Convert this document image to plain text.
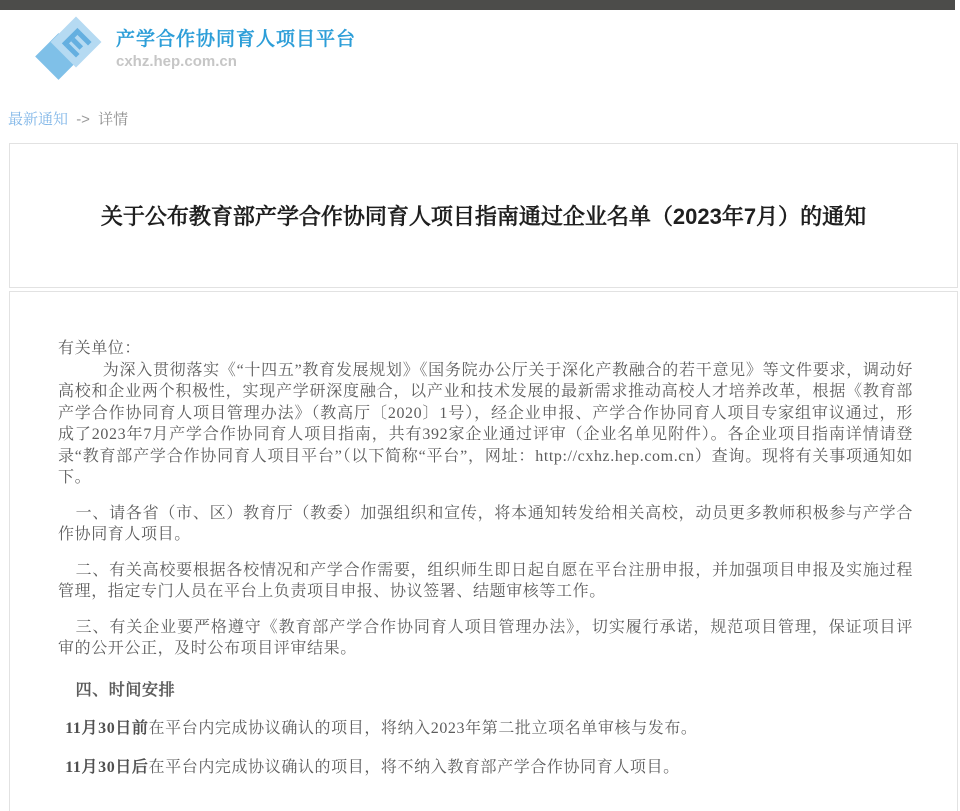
产学合作协同育人项目平台
cxhz.hep.com.cn
最新通知 -> 详情
关于公布教育部产学合作协同育人项目指南通过企业名单（2023年7月）的通知

有关单位：

为深入贯彻落实《“十四五”教育发展规划》《国务院办公厅关于深化产教融合的若干意见》等文件要求，调动好高校和企业两个积极性，实现产学研深度融合，以产业和技术发展的最新需求推动高校人才培养改革，根据《教育部产学合作协同育人项目管理办法》（教高厅〔2020〕1号），经企业申报、产学合作协同育人项目专家组审议通过，形成了2023年7月产学合作协同育人项目指南，共有392家企业通过评审（企业名单见附件）。各企业项目指南详情请登录“教育部产学合作协同育人项目平台”（以下简称“平台”，网址：http://cxhz.hep.com.cn）查询。现将有关事项通知如下。

一、请各省（市、区）教育厅（教委）加强组织和宣传，将本通知转发给相关高校，动员更多教师积极参与产学合作协同育人项目。

二、有关高校要根据各校情况和产学合作需要，组织师生即日起自愿在平台注册申报，并加强项目申报及实施过程管理，指定专门人员在平台上负责项目申报、协议签署、结题审核等工作。

三、有关企业要严格遵守《教育部产学合作协同育人项目管理办法》，切实履行承诺，规范项目管理，保证项目评审的公开公正，及时公布项目评审结果。

四、时间安排

11月30日前在平台内完成协议确认的项目，将纳入2023年第二批立项名单审核与发布。

11月30日后在平台内完成协议确认的项目，将不纳入教育部产学合作协同育人项目。
